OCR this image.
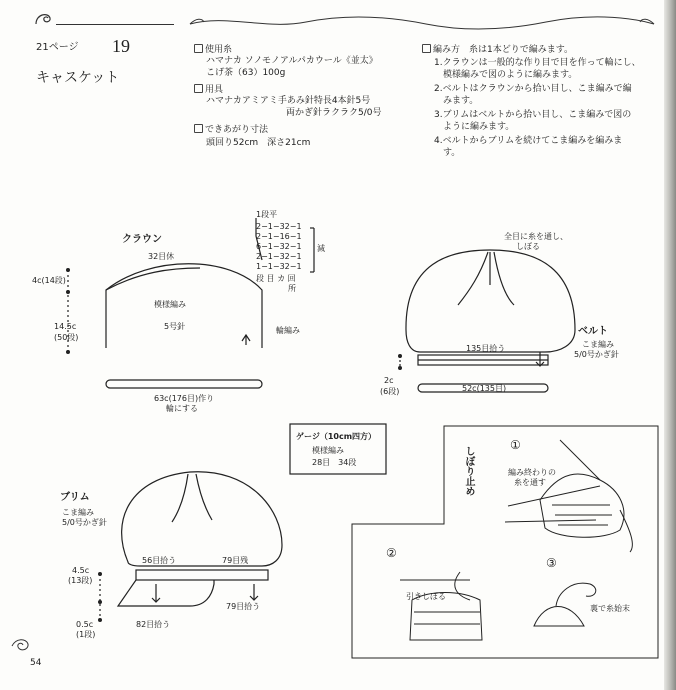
21ページ 19
キャスケット
使用糸
ハマナカ ソノモノアルパカウール《並太》
こげ茶（63）100g
用具
ハマナカアミアミ手あみ針特長4本針5号
両かぎ針ラクラク5/0号
できあがり寸法
頭回り52cm　深さ21cm
編み方　 糸は1本どりで編みます。
1.クラウンは一般的な作り目で目を作って輪にし、
　模様編みで図のように編みます。
2.ベルトはクラウンから拾い目し、こま編みで編
　みます。
3.ブリムはベルトから拾い目し、こま編みで図の
　ように編みます。
4.ベルトからブリムを続けてこま編みを編みま
　す。
クラウン
32目休
模様編み
5号針
4c(14段)
14.5c
(50段)
輪編み
63c(176目)作り
輪にする
1段平
2−1−32−1
2−1−16−1
6−1−32−1
2−1−32−1
1−1−32−1
減
段 目 カ 回
所
全目に糸を通し、
しぼる
ベルト
こま編み
5/0号かぎ針
135目拾う
2c
(6段)	52c(135目)
ゲージ（10cm四方）
模様編み
28目　34段
ブリム
こま編み
5/0号かぎ針
56目拾う	79目残
79目拾う
82目拾う
4.5c
(13段)
0.5c
(1段)
しぼり止め
①
編み終わりの
糸を通す
②
引きしぼる
③
裏で糸始末
54
